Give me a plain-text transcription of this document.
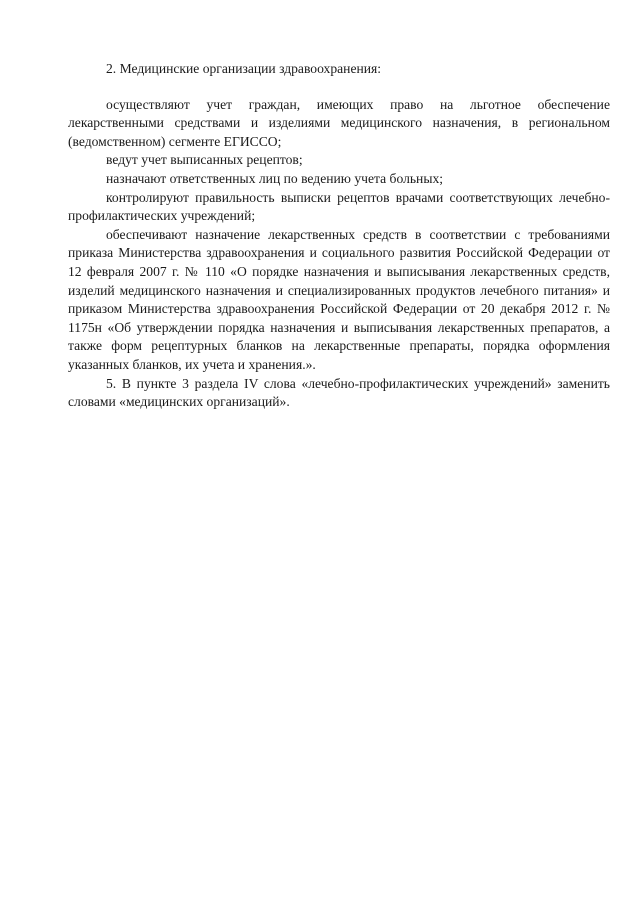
2. Медицинские организации здравоохранения:

осуществляют учет граждан, имеющих право на льготное обеспечение лекарственными средствами и изделиями медицинского назначения, в региональном (ведомственном) сегменте ЕГИССО;

ведут учет выписанных рецептов;

назначают ответственных лиц по ведению учета больных;

контролируют правильность выписки рецептов врачами соответствующих лечебно-профилактических учреждений;

обеспечивают назначение лекарственных средств в соответствии с требованиями приказа Министерства здравоохранения и социального развития Российской Федерации от 12 февраля 2007 г. № 110 «О порядке назначения и выписывания лекарственных средств, изделий медицинского назначения и специализированных продуктов лечебного питания» и приказом Министерства здравоохранения Российской Федерации от 20 декабря 2012 г. № 1175н «Об утверждении порядка назначения и выписывания лекарственных препаратов, а также форм рецептурных бланков на лекарственные препараты, порядка оформления указанных бланков, их учета и хранения.».

5. В пункте 3 раздела IV слова «лечебно-профилактических учреждений» заменить словами «медицинских организаций».
